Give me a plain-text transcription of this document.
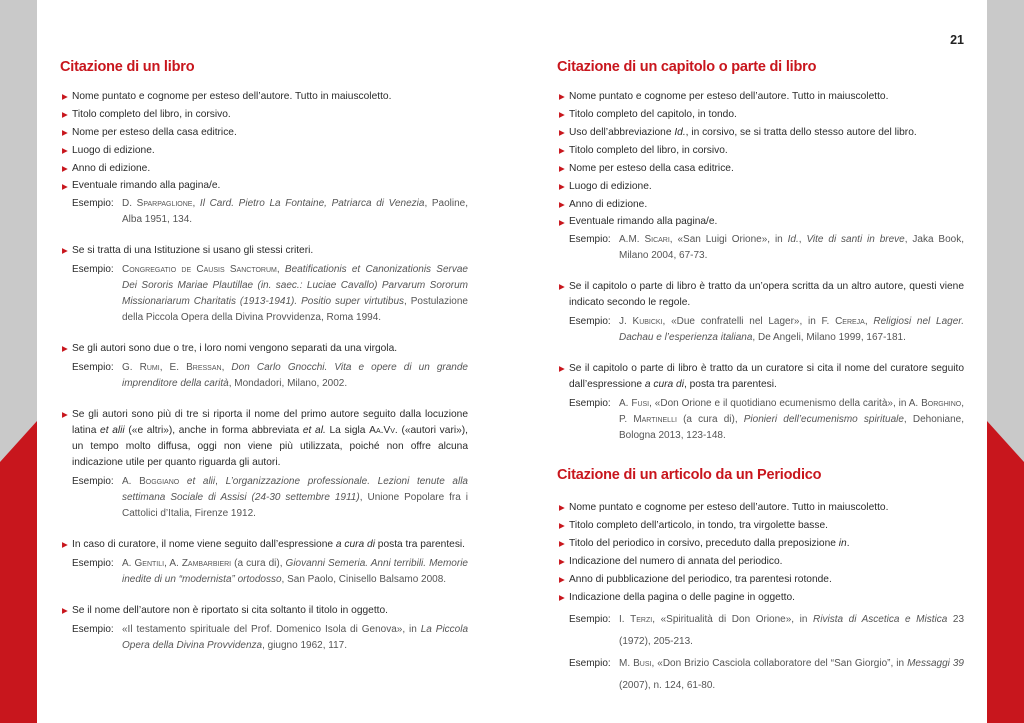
21
Citazione di un libro
▶ Nome puntato e cognome per esteso dell’autore. Tutto in maiuscoletto.
▶ Titolo completo del libro, in corsivo.
▶ Nome per esteso della casa editrice.
▶ Luogo di edizione.
▶ Anno di edizione.
▶ Eventuale rimando alla pagina/e.
Esempio: D. Sparpaglione, Il Card. Pietro La Fontaine, Patriarca di Venezia, Paoline, Alba 1951, 134.
▶ Se si tratta di una Istituzione si usano gli stessi criteri.
Esempio: Congregatio de Causis Sanctorum, Beatificationis et Canonizationis Servae Dei Sororis Mariae Plautillae (in. saec.: Luciae Cavallo) Parvarum Sororum Missionariarum Charitatis (1913-1941). Positio super virtutibus, Postulazione della Piccola Opera della Divina Provvidenza, Roma 1994.
▶ Se gli autori sono due o tre, i loro nomi vengono separati da una virgola.
Esempio: G. Rumi, E. Bressan, Don Carlo Gnocchi. Vita e opere di un grande imprenditore della carità, Mondadori, Milano, 2002.
▶ Se gli autori sono più di tre si riporta il nome del primo autore seguito dalla locuzione latina et alii («e altri»), anche in forma abbreviata et al. La sigla Aa.Vv. («autori vari»), un tempo molto diffusa, oggi non viene più utilizzata, poiché non offre alcuna indicazione utile per quanto riguarda gli autori.
Esempio: A. Boggiano et alii, L’organizzazione professionale. Lezioni tenute alla settimana Sociale di Assisi (24-30 settembre 1911), Unione Popolare fra i Cattolici d’Italia, Firenze 1912.
▶ In caso di curatore, il nome viene seguito dall’espressione a cura di posta tra parentesi.
Esempio: A. Gentili, A. Zambarbieri (a cura di), Giovanni Semeria. Anni terribili. Memorie inedite di un “modernista” ortodosso, San Paolo, Cinisello Balsamo 2008.
▶ Se il nome dell’autore non è riportato si cita soltanto il titolo in oggetto.
Esempio: «Il testamento spirituale del Prof. Domenico Isola di Genova», in La Piccola Opera della Divina Provvidenza, giugno 1962, 117.
Citazione di un capitolo o parte di libro
▶ Nome puntato e cognome per esteso dell’autore. Tutto in maiuscoletto.
▶ Titolo completo del capitolo, in tondo.
▶ Uso dell’abbreviazione Id., in corsivo, se si tratta dello stesso autore del libro.
▶ Titolo completo del libro, in corsivo.
▶ Nome per esteso della casa editrice.
▶ Luogo di edizione.
▶ Anno di edizione.
▶ Eventuale rimando alla pagina/e.
Esempio: A.M. Sicari, «San Luigi Orione», in Id., Vite di santi in breve, Jaka Book, Milano 2004, 67-73.
▶ Se il capitolo o parte di libro è tratto da un’opera scritta da un altro autore, questi viene indicato secondo le regole.
Esempio: J. Kubicki, «Due confratelli nel Lager», in F. Cereja, Religiosi nel Lager. Dachau e l’esperienza italiana, De Angeli, Milano 1999, 167-181.
▶ Se il capitolo o parte di libro è tratto da un curatore si cita il nome del curatore seguito dall’espressione a cura di, posta tra parentesi.
Esempio: A. Fusi, «Don Orione e il quotidiano ecumenismo della carità», in A. Borghino, P. Martinelli (a cura di), Pionieri dell’ecumenismo spirituale, Dehoniane, Bologna 2013, 123-148.
Citazione di un articolo da un Periodico
▶ Nome puntato e cognome per esteso dell’autore. Tutto in maiuscoletto.
▶ Titolo completo dell’articolo, in tondo, tra virgolette basse.
▶ Titolo del periodico in corsivo, preceduto dalla preposizione in.
▶ Indicazione del numero di annata del periodico.
▶ Anno di pubblicazione del periodico, tra parentesi rotonde.
▶ Indicazione della pagina o delle pagine in oggetto.
Esempio: I. Terzi, «Spiritualità di Don Orione», in Rivista di Ascetica e Mistica 23 (1972), 205-213.
Esempio: M. Busi, «Don Brizio Casciola collaboratore del “San Giorgio”, in Messaggi 39 (2007), n. 124, 61-80.
